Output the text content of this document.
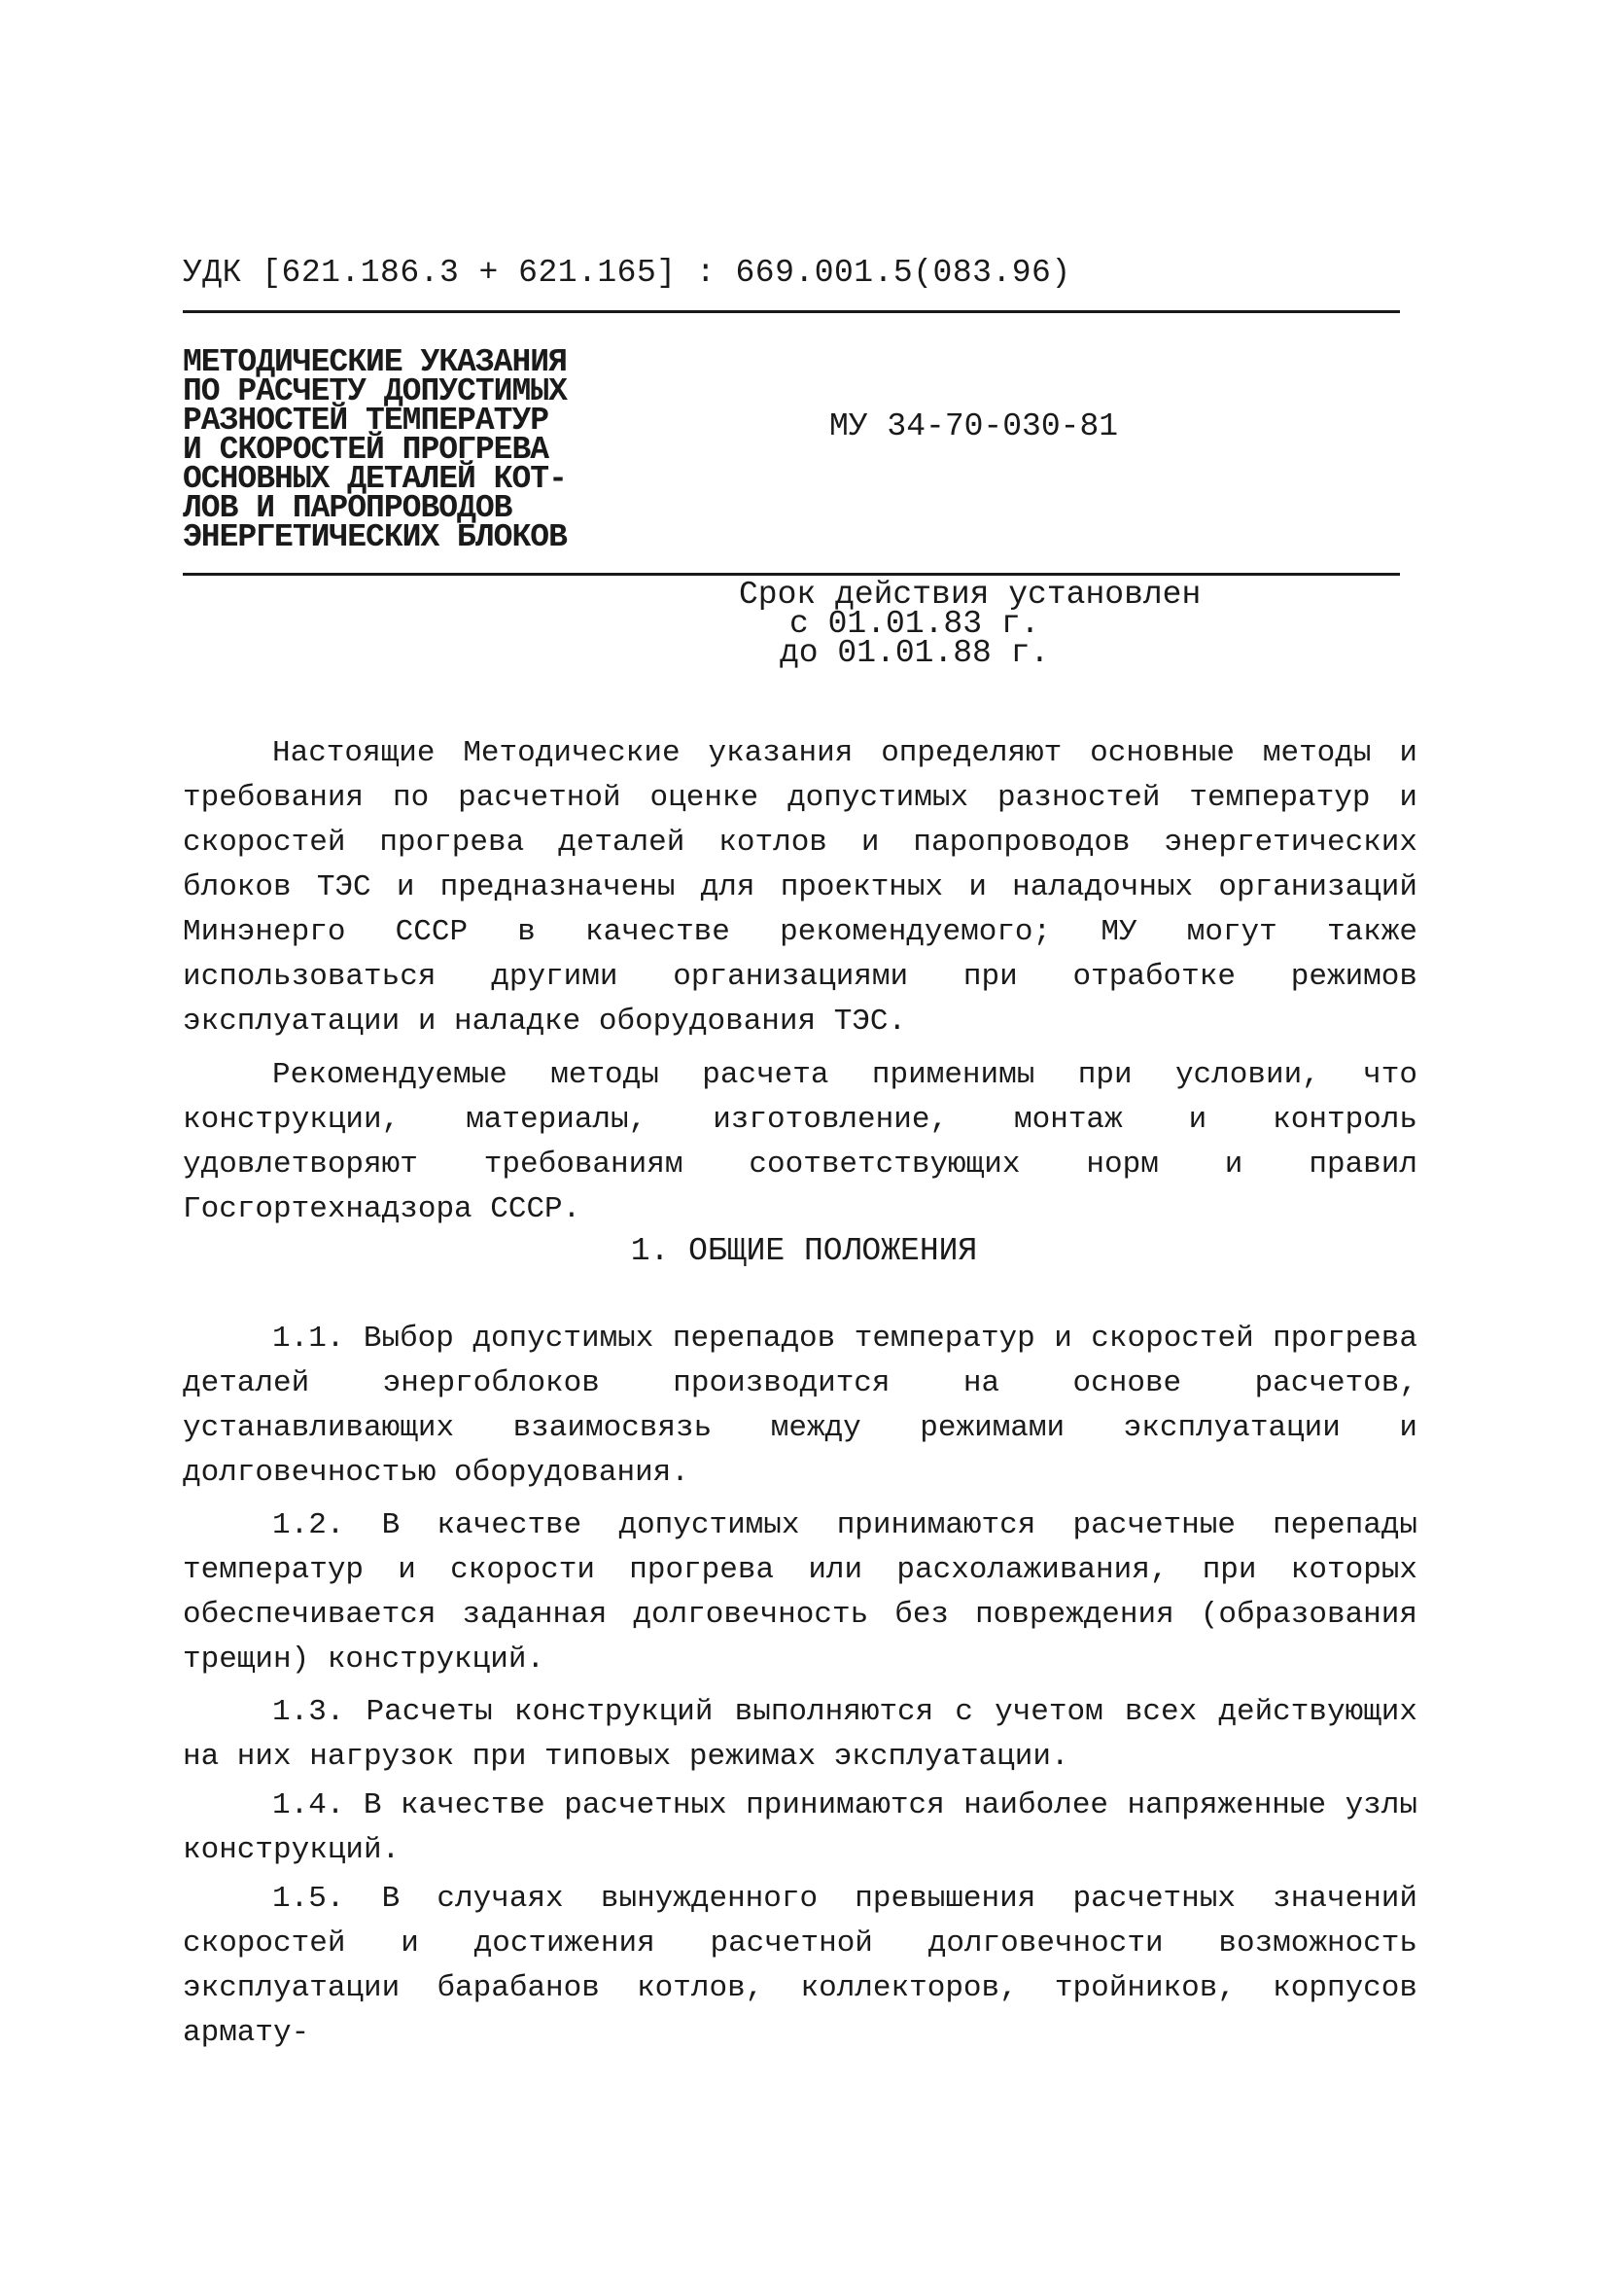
УДК [621.186.3 + 621.165] : 669.001.5(083.96)
МЕТОДИЧЕСКИЕ УКАЗАНИЯ
ПО РАСЧЕТУ ДОПУСТИМЫХ
РАЗНОСТЕЙ ТЕМПЕРАТУР
И СКОРОСТЕЙ ПРОГРЕВА
ОСНОВНЫХ ДЕТАЛЕЙ КОТ-
ЛОВ И ПАРОПРОВОДОВ
ЭНЕРГЕТИЧЕСКИХ БЛОКОВ
МУ 34-70-030-81
Срок действия установлен
с 01.01.83 г.
до 01.01.88 г.

Настоящие Методические указания определяют основные методы и требования по расчетной оценке допустимых разностей температур и скоростей прогрева деталей котлов и паропроводов энергетических блоков ТЭС и предназначены для проектных и наладочных организаций Минэнерго СССР в качестве рекомендуемого; МУ могут также использоваться другими организациями при отработке режимов эксплуатации и наладке оборудования ТЭС.

Рекомендуемые методы расчета применимы при условии, что конструкции, материалы, изготовление, монтаж и контроль удовлетворяют требованиям соответствующих норм и правил Госгортехнадзора СССР.

1. ОБЩИЕ ПОЛОЖЕНИЯ

1.1. Выбор допустимых перепадов температур и скоростей прогрева деталей энергоблоков производится на основе расчетов, устанавливающих взаимосвязь между режимами эксплуатации и долговечностью оборудования.

1.2. В качестве допустимых принимаются расчетные перепады температур и скорости прогрева или расхолаживания, при которых обеспечивается заданная долговечность без повреждения (образования трещин) конструкций.

1.3. Расчеты конструкций выполняются с учетом всех действующих на них нагрузок при типовых режимах эксплуатации.

1.4. В качестве расчетных принимаются наиболее напряженные узлы конструкций.

1.5. В случаях вынужденного превышения расчетных значений скоростей и достижения расчетной долговечности возможность эксплуатации барабанов котлов, коллекторов, тройников, корпусов армату-
